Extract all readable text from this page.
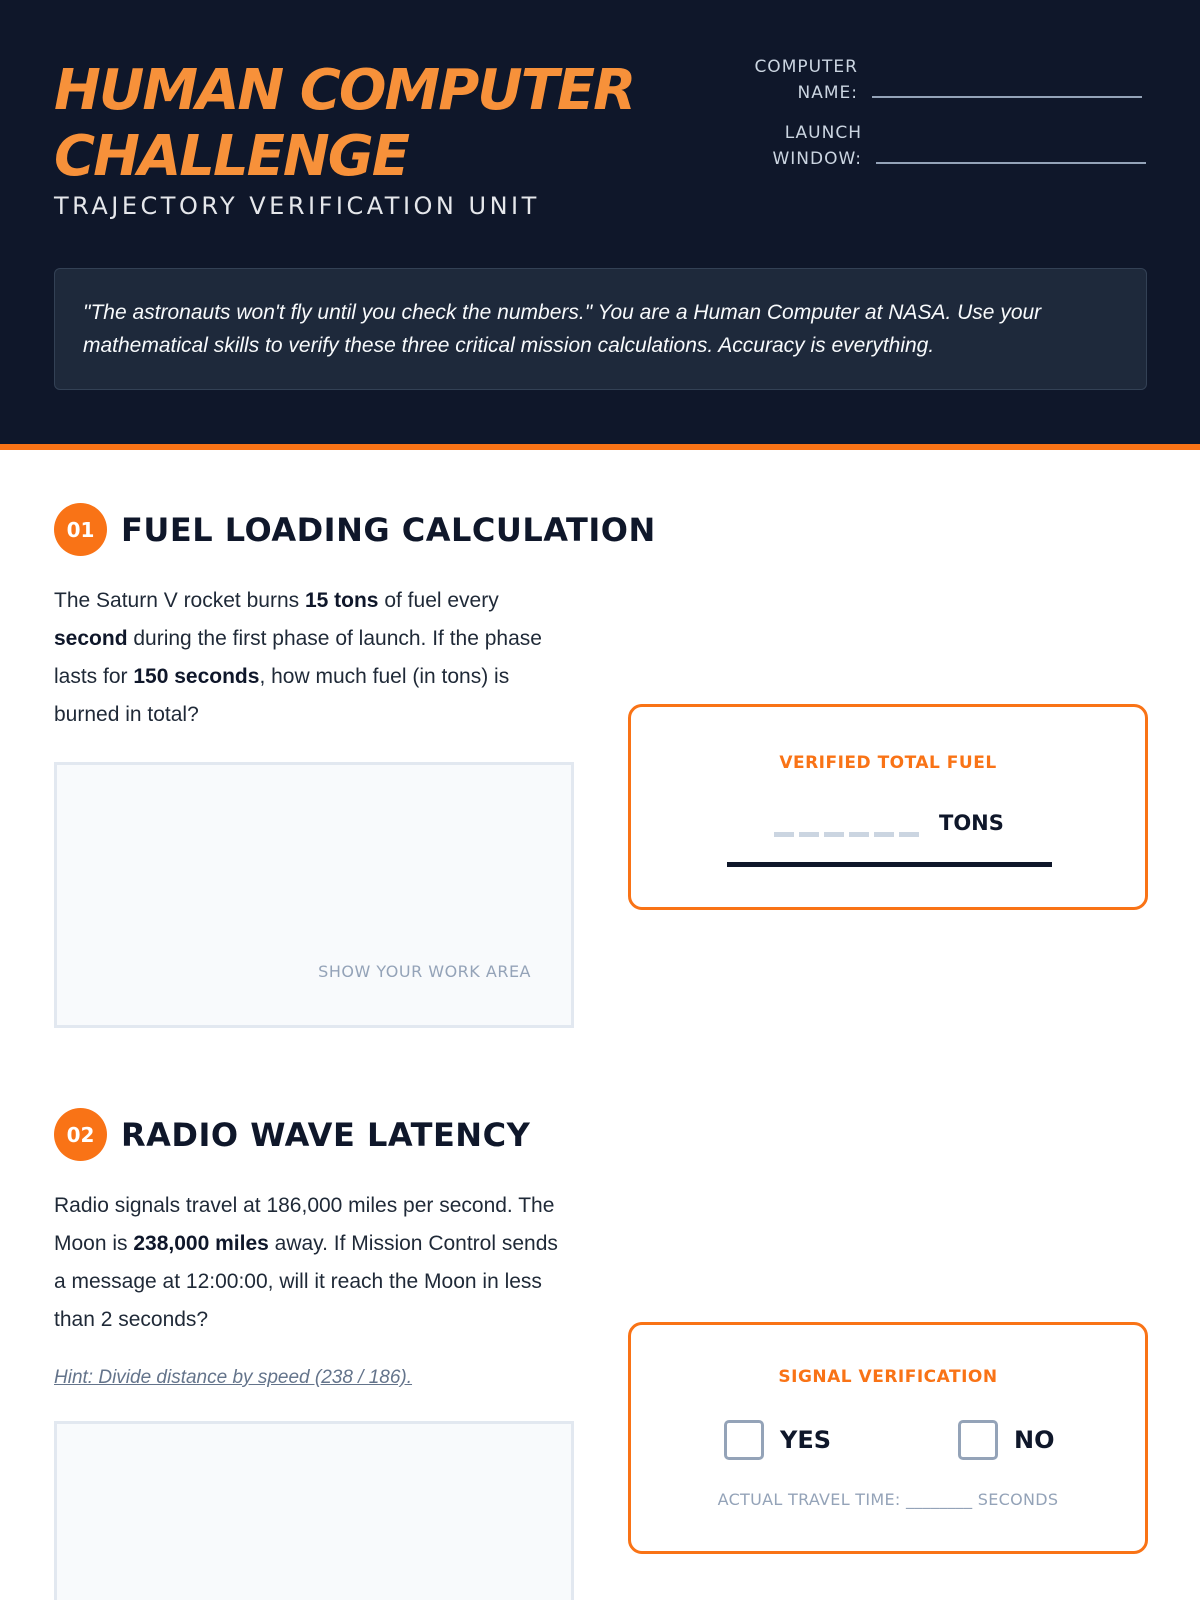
HUMAN COMPUTER CHALLENGE
TRAJECTORY VERIFICATION UNIT
COMPUTER NAME:
LAUNCH WINDOW:
"The astronauts won't fly until you check the numbers." You are a Human Computer at NASA. Use your mathematical skills to verify these three critical mission calculations. Accuracy is everything.
01 FUEL LOADING CALCULATION

The Saturn V rocket burns 15 tons of fuel every second during the first phase of launch. If the phase lasts for 150 seconds, how much fuel (in tons) is burned in total?

SHOW YOUR WORK AREA
VERIFIED TOTAL FUEL
TONS
02 RADIO WAVE LATENCY

Radio signals travel at 186,000 miles per second. The Moon is 238,000 miles away. If Mission Control sends a message at 12:00:00, will it reach the Moon in less than 2 seconds?

Hint: Divide distance by speed (238 / 186).	SIGNAL VERIFICATION
YES	NO
ACTUAL TRAVEL TIME: ________ SECONDS
